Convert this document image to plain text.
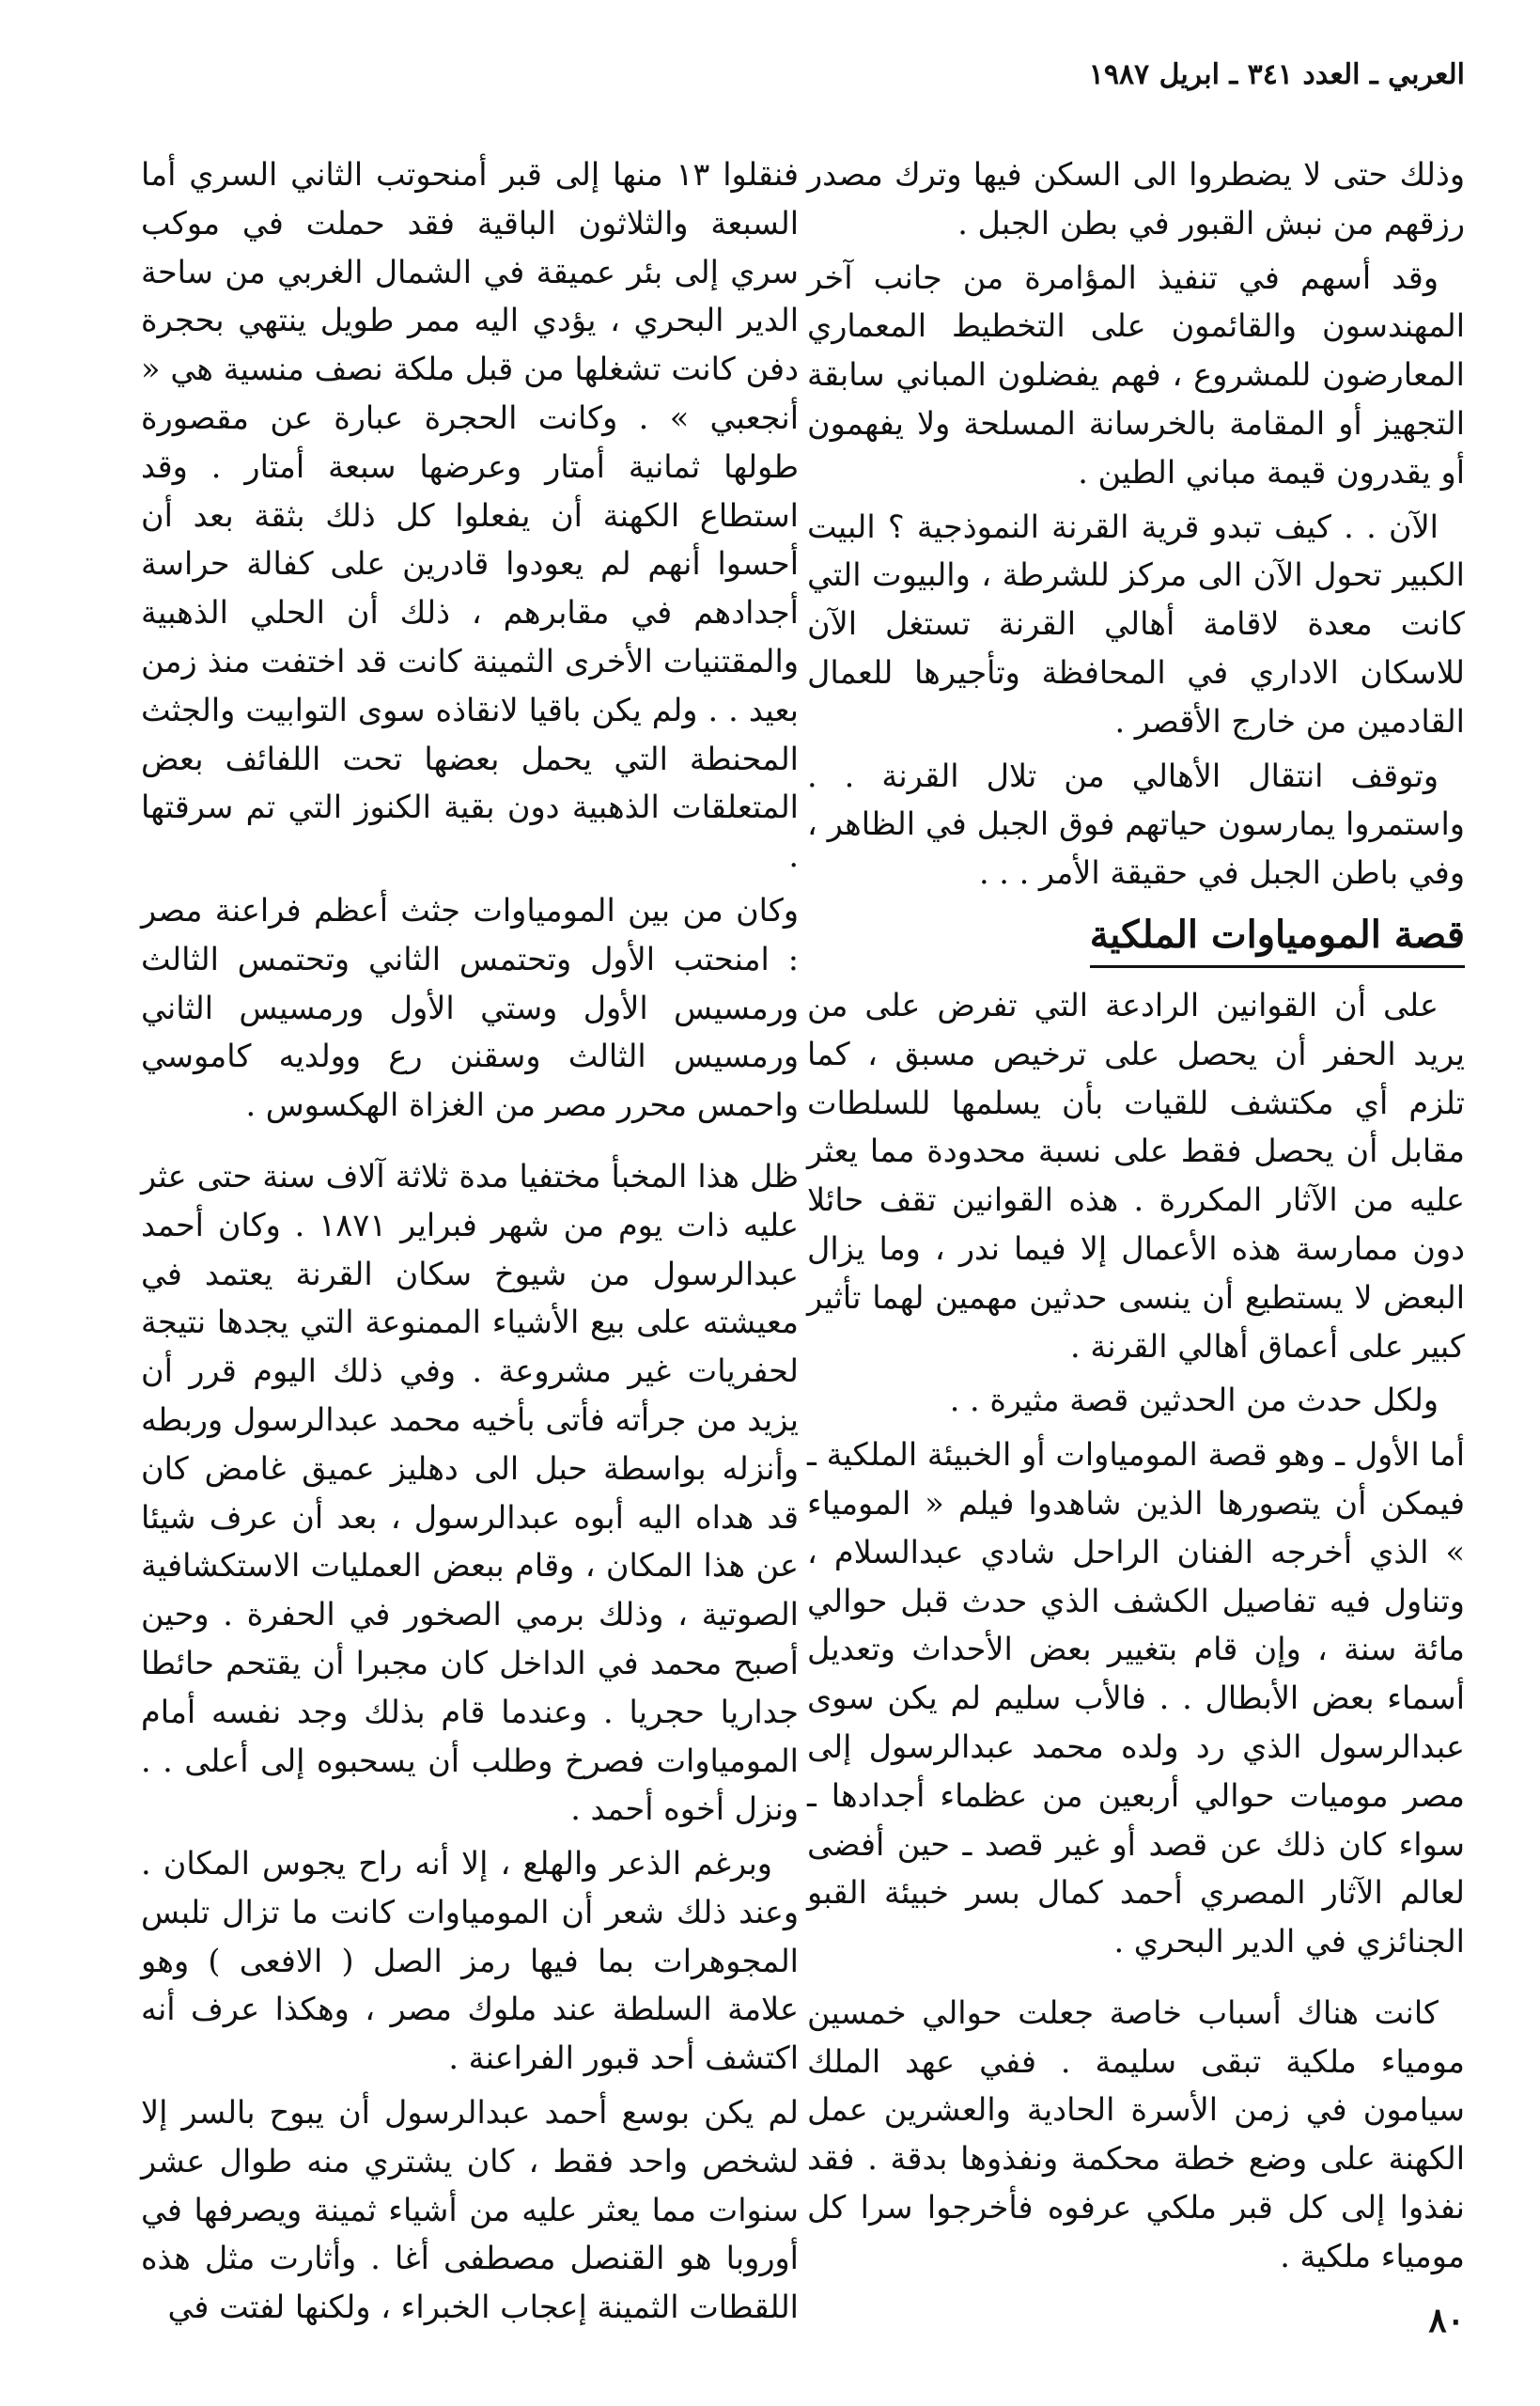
العربي ـ العدد ٣٤١ ـ ابريل ١٩٨٧

وذلك حتى لا يضطروا الى السكن فيها وترك مصدر رزقهم من نبش القبور في بطن الجبل .

وقد أسهم في تنفيذ المؤامرة من جانب آخر المهندسون والقائمون على التخطيط المعماري المعارضون للمشروع ، فهم يفضلون المباني سابقة التجهيز أو المقامة بالخرسانة المسلحة ولا يفهمون أو يقدرون قيمة مباني الطين .

الآن . . كيف تبدو قرية القرنة النموذجية ؟ البيت الكبير تحول الآن الى مركز للشرطة ، والبيوت التي كانت معدة لاقامة أهالي القرنة تستغل الآن للاسكان الاداري في المحافظة وتأجيرها للعمال القادمين من خارج الأقصر .

وتوقف انتقال الأهالي من تلال القرنة . . واستمروا يمارسون حياتهم فوق الجبل في الظاهر ، وفي باطن الجبل في حقيقة الأمر . . .

قصة المومياوات الملكية

على أن القوانين الرادعة التي تفرض على من يريد الحفر أن يحصل على ترخيص مسبق ، كما تلزم أي مكتشف للقيات بأن يسلمها للسلطات مقابل أن يحصل فقط على نسبة محدودة مما يعثر عليه من الآثار المكررة . هذه القوانين تقف حائلا دون ممارسة هذه الأعمال إلا فيما ندر ، وما يزال البعض لا يستطيع أن ينسى حدثين مهمين لهما تأثير كبير على أعماق أهالي القرنة .

ولكل حدث من الحدثين قصة مثيرة . .

أما الأول ـ وهو قصة المومياوات أو الخبيئة الملكية ـ فيمكن أن يتصورها الذين شاهدوا فيلم « المومياء » الذي أخرجه الفنان الراحل شادي عبدالسلام ، وتناول فيه تفاصيل الكشف الذي حدث قبل حوالي مائة سنة ، وإن قام بتغيير بعض الأحداث وتعديل أسماء بعض الأبطال . . فالأب سليم لم يكن سوى عبدالرسول الذي رد ولده محمد عبدالرسول إلى مصر موميات حوالي أربعين من عظماء أجدادها ـ سواء كان ذلك عن قصد أو غير قصد ـ حين أفضى لعالم الآثار المصري أحمد كمال بسر خبيئة القبو الجنائزي في الدير البحري .

كانت هناك أسباب خاصة جعلت حوالي خمسين مومياء ملكية تبقى سليمة . ففي عهد الملك سيامون في زمن الأسرة الحادية والعشرين عمل الكهنة على وضع خطة محكمة ونفذوها بدقة . فقد نفذوا إلى كل قبر ملكي عرفوه فأخرجوا سرا كل مومياء ملكية .

فنقلوا ١٣ منها إلى قبر أمنحوتب الثاني السري أما السبعة والثلاثون الباقية فقد حملت في موكب سري إلى بئر عميقة في الشمال الغربي من ساحة الدير البحري ، يؤدي اليه ممر طويل ينتهي بحجرة دفن كانت تشغلها من قبل ملكة نصف منسية هي « أنجعبي » . وكانت الحجرة عبارة عن مقصورة طولها ثمانية أمتار وعرضها سبعة أمتار . وقد استطاع الكهنة أن يفعلوا كل ذلك بثقة بعد أن أحسوا أنهم لم يعودوا قادرين على كفالة حراسة أجدادهم في مقابرهم ، ذلك أن الحلي الذهبية والمقتنيات الأخرى الثمينة كانت قد اختفت منذ زمن بعيد . . ولم يكن باقيا لانقاذه سوى التوابيت والجثث المحنطة التي يحمل بعضها تحت اللفائف بعض المتعلقات الذهبية دون بقية الكنوز التي تم سرقتها .

وكان من بين المومياوات جثث أعظم فراعنة مصر : امنحتب الأول وتحتمس الثاني وتحتمس الثالث ورمسيس الأول وستي الأول ورمسيس الثاني ورمسيس الثالث وسقنن رع وولديه كاموسي واحمس محرر مصر من الغزاة الهكسوس .

ظل هذا المخبأ مختفيا مدة ثلاثة آلاف سنة حتى عثر عليه ذات يوم من شهر فبراير ١٨٧١ . وكان أحمد عبدالرسول من شيوخ سكان القرنة يعتمد في معيشته على بيع الأشياء الممنوعة التي يجدها نتيجة لحفريات غير مشروعة . وفي ذلك اليوم قرر أن يزيد من جرأته فأتى بأخيه محمد عبدالرسول وربطه وأنزله بواسطة حبل الى دهليز عميق غامض كان قد هداه اليه أبوه عبدالرسول ، بعد أن عرف شيئا عن هذا المكان ، وقام ببعض العمليات الاستكشافية الصوتية ، وذلك برمي الصخور في الحفرة . وحين أصبح محمد في الداخل كان مجبرا أن يقتحم حائطا جداريا حجريا . وعندما قام بذلك وجد نفسه أمام المومياوات فصرخ وطلب أن يسحبوه إلى أعلى . . ونزل أخوه أحمد .

وبرغم الذعر والهلع ، إلا أنه راح يجوس المكان . وعند ذلك شعر أن المومياوات كانت ما تزال تلبس المجوهرات بما فيها رمز الصل ( الافعى ) وهو علامة السلطة عند ملوك مصر ، وهكذا عرف أنه اكتشف أحد قبور الفراعنة .

لم يكن بوسع أحمد عبدالرسول أن يبوح بالسر إلا لشخص واحد فقط ، كان يشتري منه طوال عشر سنوات مما يعثر عليه من أشياء ثمينة ويصرفها في أوروبا هو القنصل مصطفى أغا . وأثارت مثل هذه اللقطات الثمينة إعجاب الخبراء ، ولكنها لفتت في	٨٠
